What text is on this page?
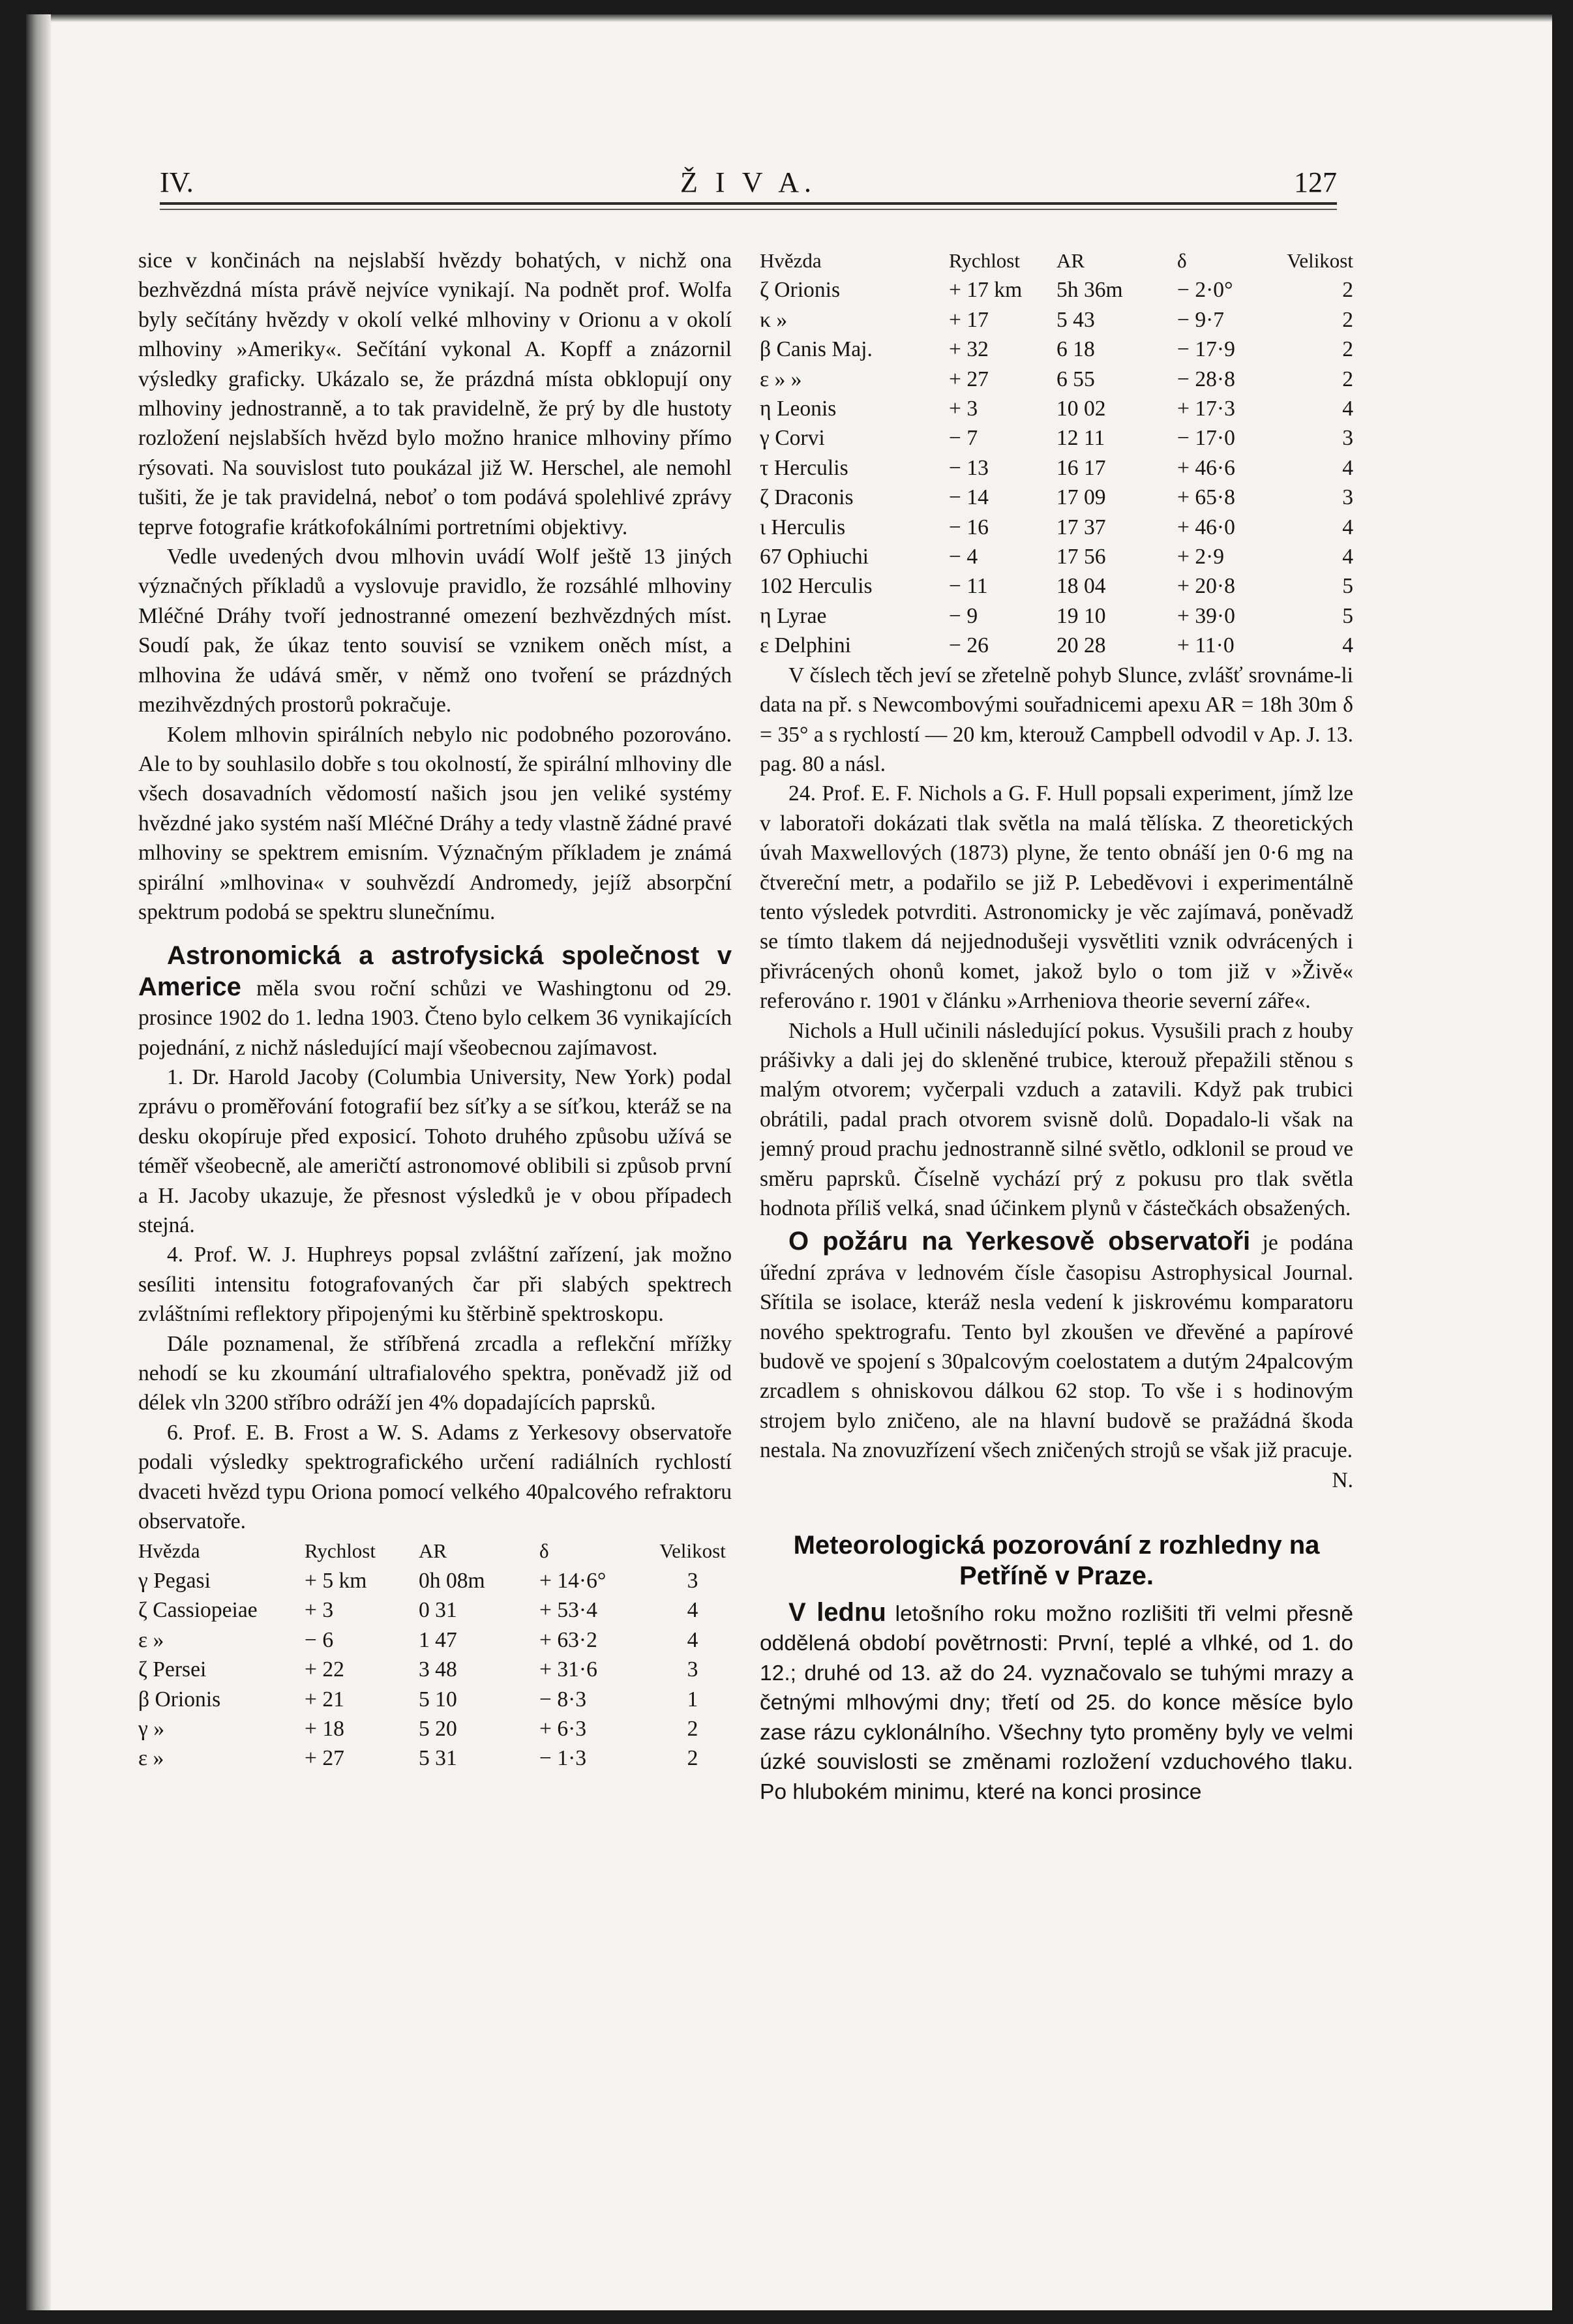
IV.	Ž I V A.	127

sice v končinách na nejslabší hvězdy bohatých, v nichž ona bezhvězdná místa právě nejvíce vynikají. Na podnět prof. Wolfa byly sečítány hvězdy v okolí velké mlhoviny v Orionu a v okolí mlhoviny »Ameriky«. Sečítání vykonal A. Kopff a znázornil výsledky graficky. Ukázalo se, že prázdná místa obklopují ony mlhoviny jednostranně, a to tak pravidelně, že prý by dle hustoty rozložení nejslabších hvězd bylo možno hranice mlhoviny přímo rýsovati. Na souvislost tuto poukázal již W. Herschel, ale nemohl tušiti, že je tak pravidelná, neboť o tom podává spolehlivé zprávy teprve fotografie krátkofokálními portretními objektivy.

Vedle uvedených dvou mlhovin uvádí Wolf ještě 13 jiných význačných příkladů a vyslovuje pravidlo, že rozsáhlé mlhoviny Mléčné Dráhy tvoří jednostranné omezení bezhvězdných míst. Soudí pak, že úkaz tento souvisí se vznikem oněch míst, a mlhovina že udává směr, v němž ono tvoření se prázdných mezihvězdných prostorů pokračuje.

Kolem mlhovin spirálních nebylo nic podobného pozorováno. Ale to by souhlasilo dobře s tou okolností, že spirální mlhoviny dle všech dosavadních vědomostí našich jsou jen veliké systémy hvězdné jako systém naší Mléčné Dráhy a tedy vlastně žádné pravé mlhoviny se spektrem emisním. Význačným příkladem je známá spirální »mlhovina« v souhvězdí Andromedy, jejíž absorpční spektrum podobá se spektru slunečnímu.

Astronomická a astrofysická společnost v Americe měla svou roční schůzi ve Washingtonu od 29. prosince 1902 do 1. ledna 1903. Čteno bylo celkem 36 vynikajících pojednání, z nichž následující mají všeobecnou zajímavost.

1. Dr. Harold Jacoby (Columbia University, New York) podal zprávu o proměřování fotografií bez síťky a se síťkou, kteráž se na desku okopíruje před exposicí. Tohoto druhého způsobu užívá se téměř všeobecně, ale američtí astronomové oblibili si způsob první a H. Jacoby ukazuje, že přesnost výsledků je v obou případech stejná.

4. Prof. W. J. Huphreys popsal zvláštní zařízení, jak možno sesíliti intensitu fotografovaných čar při slabých spektrech zvláštními reflektory připojenými ku štěrbině spektroskopu.

Dále poznamenal, že stříbřená zrcadla a reflekční mřížky nehodí se ku zkoumání ultrafialového spektra, poněvadž již od délek vln 3200 stříbro odráží jen 4% dopadajících paprsků.

6. Prof. E. B. Frost a W. S. Adams z Yerkesovy observatoře podali výsledky spektrografického určení radiálních rychlostí dvaceti hvězd typu Oriona pomocí velkého 40palcového refraktoru observatoře.

Hvězda	Rychlost	AR	δ	Velikost
γ Pegasi	+ 5 km	0h 08m	+ 14·6°	3
ζ Cassiopeiae	+ 3	0 31	+ 53·4	4
ε »	− 6	1 47	+ 63·2	4
ζ Persei	+ 22	3 48	+ 31·6	3
β Orionis	+ 21	5 10	− 8·3	1
γ »	+ 18	5 20	+ 6·3	2
ε »	+ 27	5 31	− 1·3	2
Hvězda	Rychlost	AR	δ	Velikost
ζ Orionis	+ 17 km	5h 36m	− 2·0°	2
κ »	+ 17	5 43	− 9·7	2
β Canis Maj.	+ 32	6 18	− 17·9	2
ε » »	+ 27	6 55	− 28·8	2
η Leonis	+ 3	10 02	+ 17·3	4
γ Corvi	− 7	12 11	− 17·0	3
τ Herculis	− 13	16 17	+ 46·6	4
ζ Draconis	− 14	17 09	+ 65·8	3
ι Herculis	− 16	17 37	+ 46·0	4
67 Ophiuchi	− 4	17 56	+ 2·9	4
102 Herculis	− 11	18 04	+ 20·8	5
η Lyrae	− 9	19 10	+ 39·0	5
ε Delphini	− 26	20 28	+ 11·0	4

V číslech těch jeví se zřetelně pohyb Slunce, zvlášť srovnáme-li data na př. s Newcombovými souřadnicemi apexu AR = 18h 30m δ = 35° a s rychlostí — 20 km, kterouž Campbell odvodil v Ap. J. 13. pag. 80 a násl.

24. Prof. E. F. Nichols a G. F. Hull popsali experiment, jímž lze v laboratoři dokázati tlak světla na malá tělíska. Z theoretických úvah Maxwellových (1873) plyne, že tento obnáší jen 0·6 mg na čtvereční metr, a podařilo se již P. Lebeděvovi i experimentálně tento výsledek potvrditi. Astronomicky je věc zajímavá, poněvadž se tímto tlakem dá nejjednodušeji vysvětliti vznik odvrácených i přivrácených ohonů komet, jakož bylo o tom již v »Živě« referováno r. 1901 v článku »Arrheniova theorie severní záře«.

Nichols a Hull učinili následující pokus. Vysušili prach z houby prášivky a dali jej do skleněné trubice, kterouž přepažili stěnou s malým otvorem; vyčerpali vzduch a zatavili. Když pak trubici obrátili, padal prach otvorem svisně dolů. Dopadalo-li však na jemný proud prachu jednostranně silné světlo, odklonil se proud ve směru paprsků. Číselně vychází prý z pokusu pro tlak světla hodnota příliš velká, snad účinkem plynů v částečkách obsažených.

O požáru na Yerkesově observatoři je podána úřední zpráva v lednovém čísle časopisu Astrophysical Journal. Sřítila se isolace, kteráž nesla vedení k jiskrovému komparatoru nového spektrografu. Tento byl zkoušen ve dřevěné a papírové budově ve spojení s 30palcovým coelostatem a dutým 24palcovým zrcadlem s ohniskovou dálkou 62 stop. To vše i s hodinovým strojem bylo zničeno, ale na hlavní budově se pražádná škoda nestala. Na znovuzřízení všech zničených strojů se však již pracuje.

N.

Meteorologická pozorování z rozhledny na Petříně v Praze.

V lednu letošního roku možno rozlišiti tři velmi přesně oddělená období povětrnosti: První, teplé a vlhké, od 1. do 12.; druhé od 13. až do 24. vyznačovalo se tuhými mrazy a četnými mlhovými dny; třetí od 25. do konce měsíce bylo zase rázu cyklonálního. Všechny tyto proměny byly ve velmi úzké souvislosti se změnami rozložení vzduchového tlaku. Po hlubokém minimu, které na konci prosince
